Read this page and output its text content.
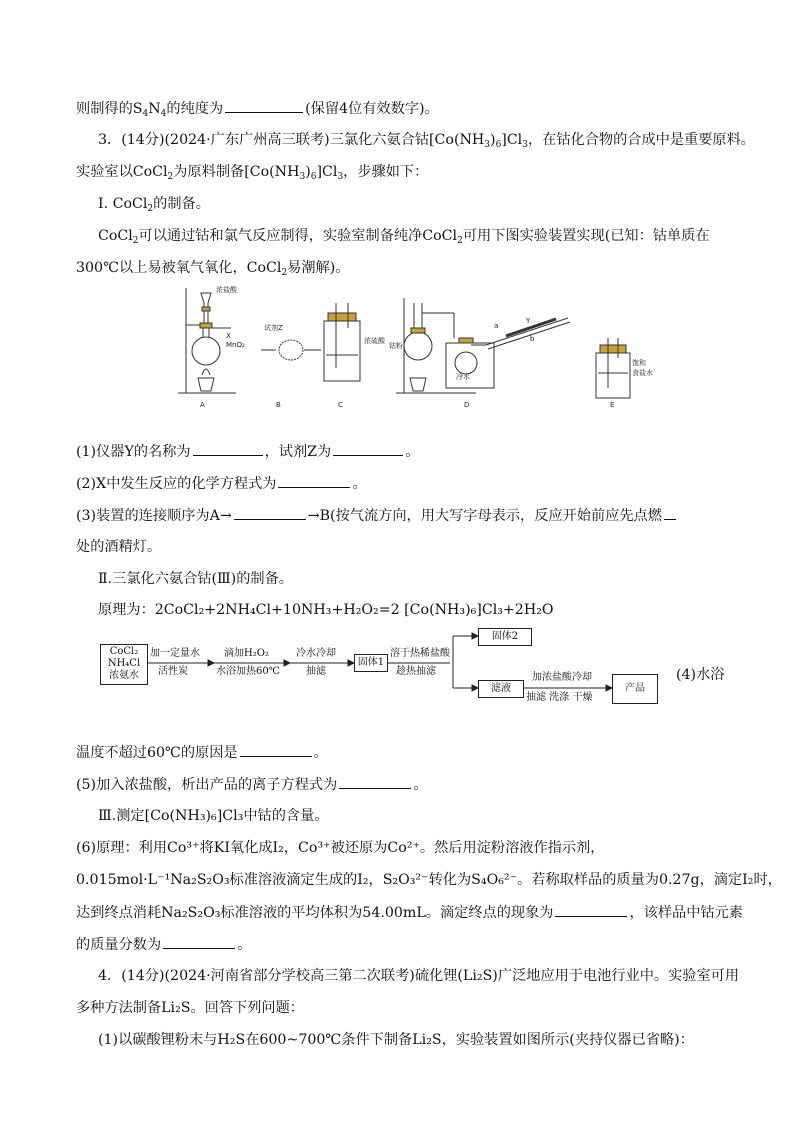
则制得的$S_4N_4$的纯度为	(保留4位有效数字)。
3．(14分)(2024·广东广州高三联考)三氯化六氨合钴$[Co(NH_3)_6]Cl_3$，在钴化合物的合成中是重要原料。
实验室以CoCl$_2$为原料制备$[Co(NH_3)_6]Cl_3$，步骤如下：
Ⅰ. CoCl$_2$的制备。
CoCl$_2$可以通过钴和氯气反应制得，实验室制备纯净CoCl$_2$可用下图实验装置实现(已知：钴单质在
300℃以上易被氧气氧化，CoCl$_2$易潮解)。
浓盐酸
X
MnO₂
试剂Z
浓硫酸
钴粉
Y
a
b
冷水
饱和
食盐水
A	B	C	D	E
(1)仪器Y的名称为	，试剂Z为	。
(2)X中发生反应的化学方程式为	。
(3)装置的连接顺序为A→	→B(按气流方向，用大写字母表示，反应开始前应先点燃
处的酒精灯。
Ⅱ.三氯化六氨合钴(Ⅲ)的制备。
原理为：2CoCl₂+2NH₄Cl+10NH₃+H₂O₂=2 [Co(NH₃)₆]Cl₃+2H₂O
CoCl₂
NH₄Cl
浓氨水
加一定量水
活性炭
滴加H₂O₂
水浴加热60℃
冷水冷却
抽滤
固体1
溶于热稀盐酸
趁热抽滤
固体2
滤液
加浓盐酸冷却
抽滤 洗涤 干燥
产品
(4)水浴
温度不超过60℃的原因是	。
(5)加入浓盐酸，析出产品的离子方程式为	。
Ⅲ.测定[Co(NH₃)₆]Cl₃中钴的含量。
(6)原理：利用Co³⁺将KI氧化成I₂，Co³⁺被还原为Co²⁺。然后用淀粉溶液作指示剂，
0.015mol·L⁻¹Na₂S₂O₃标准溶液滴定生成的I₂，S₂O₃²⁻转化为S₄O₆²⁻。若称取样品的质量为0.27g，滴定I₂时，
达到终点消耗Na₂S₂O₃标准溶液的平均体积为54.00mL。滴定终点的现象为	，该样品中钴元素
的质量分数为	。
4．(14分)(2024·河南省部分学校高三第二次联考)硫化锂(Li₂S)广泛地应用于电池行业中。实验室可用
多种方法制备Li₂S。回答下列问题：
(1)以碳酸锂粉末与H₂S在600~700℃条件下制备Li₂S，实验装置如图所示(夹持仪器已省略)：
